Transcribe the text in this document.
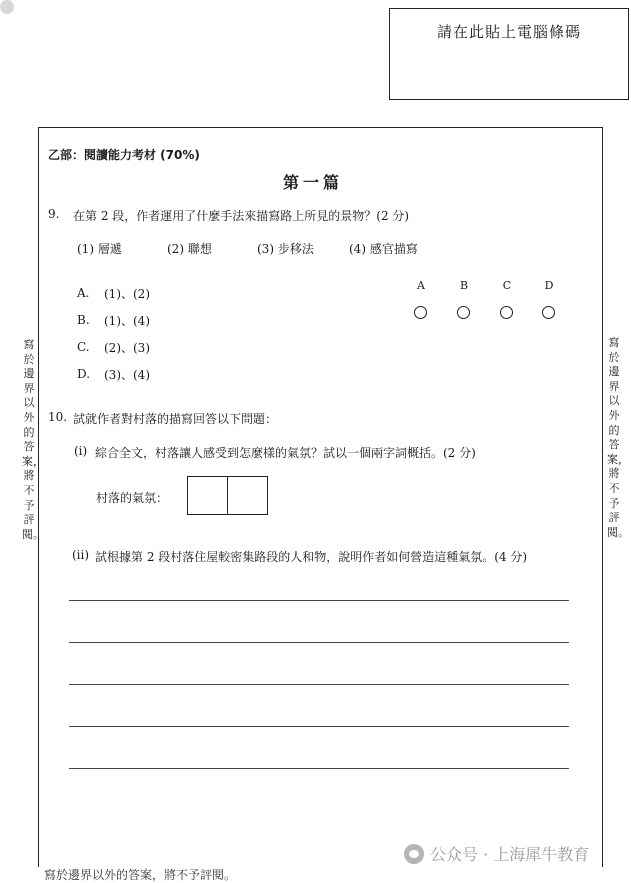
請在此貼上電腦條碼
寫於邊界以外的答案，將不予評閱。
寫於邊界以外的答案，將不予評閱。
乙部：閱讀能力考材 (70%)
第一篇
9. 在第 2 段，作者運用了什麼手法來描寫路上所見的景物？(2 分)
(1) 層遞	(2) 聯想	(3) 步移法	(4) 感官描寫
A. (1)、(2)
B. (1)、(4)
C. (2)、(3)
D. (3)、(4)
A	B	C	D
10. 試就作者對村落的描寫回答以下問題：
(i) 綜合全文，村落讓人感受到怎麼樣的氣氛？試以一個兩字詞概括。(2 分)
村落的氣氛：
(ii) 試根據第 2 段村落住屋較密集路段的人和物，說明作者如何營造這種氣氛。(4 分)
公众号 · 上海犀牛教育
寫於邊界以外的答案，將不予評閱。
